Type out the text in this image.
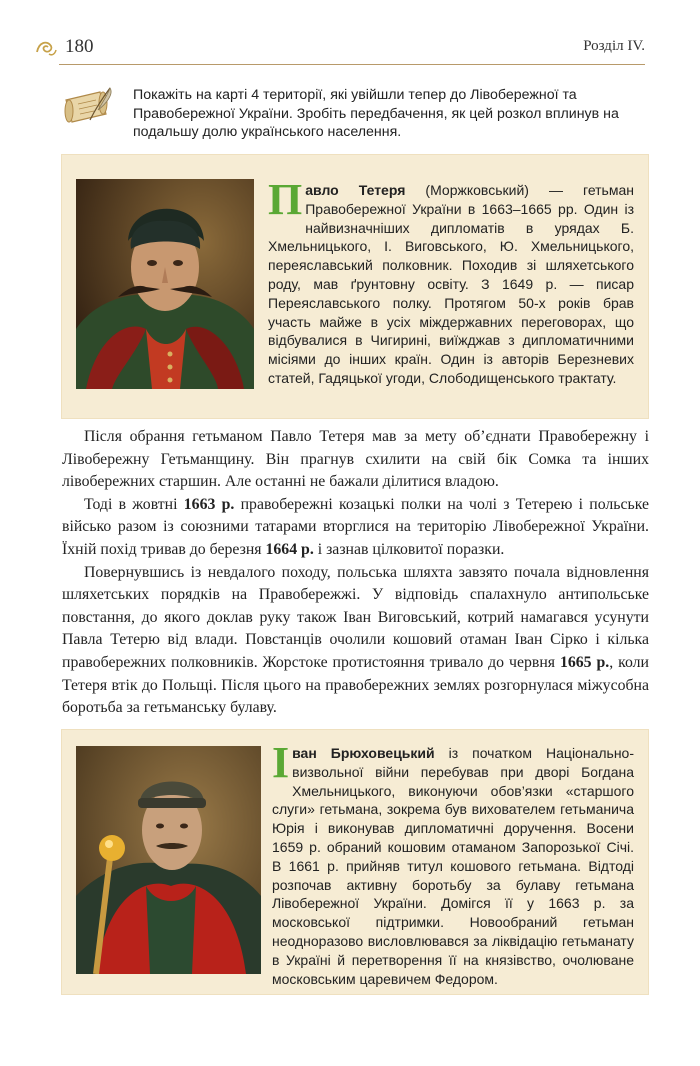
180	Розділ IV.
Покажіть на карті 4 території, які увійшли тепер до Лівобережної та Правобережної України. Зробіть передбачення, як цей розкол вплинув на подальшу долю українського населення.
Павло Тетеря (Моржковський) — гетьман Правобережної України в 1663–1665 рр. Один із найвизначніших дипломатів в урядах Б. Хмельницького, І. Виговського, Ю. Хмельницького, переяславський полковник. Походив зі шляхетського роду, мав ґрунтовну освіту. З 1649 р. — писар Переяславського полку. Протягом 50-х років брав участь майже в усіх міждержавних переговорах, що відбувалися в Чигирині, виїжджав з дипломатичними місіями до інших країн. Один із авторів Березневих статей, Гадяцької угоди, Слободищенського трактату.

Після обрання гетьманом Павло Тетеря мав за мету об’єднати Правобережну і Лівобережну Гетьманщину. Він прагнув схилити на свій бік Сомка та інших лівобережних старшин. Але останні не бажали ділитися владою.

Тоді в жовтні 1663 р. правобережні козацькі полки на чолі з Тетерею і польське військо разом із союзними татарами вторглися на територію Лівобережної України. Їхній похід тривав до березня 1664 р. і зазнав цілковитої поразки.

Повернувшись із невдалого походу, польська шляхта завзято почала відновлення шляхетських порядків на Правобережжі. У відповідь спалахнуло антипольське повстання, до якого доклав руку також Іван Виговський, котрий намагався усунути Павла Тетерю від влади. Повстанців очолили кошовий отаман Іван Сірко і кілька правобережних полковників. Жорстоке протистояння тривало до червня 1665 р., коли Тетеря втік до Польщі. Після цього на правобережних землях розгорнулася міжусобна боротьба за гетьманську булаву.

Іван Брюховецький із початком Національно-визвольної війни перебував при дворі Богдана Хмельницького, виконуючи обов’язки «старшого слуги» гетьмана, зокрема був вихователем гетьманича Юрія і виконував дипломатичні доручення. Восени 1659 р. обраний кошовим отаманом Запорозької Січі. В 1661 р. прийняв титул кошового гетьмана. Відтоді розпочав активну боротьбу за булаву гетьмана Лівобережної України. Домігся її у 1663 р. за московської підтримки. Новообраний гетьман неодноразово висловлювався за ліквідацію гетьманату в Україні й перетворення її на князівство, очолюване московським царевичем Федором.
